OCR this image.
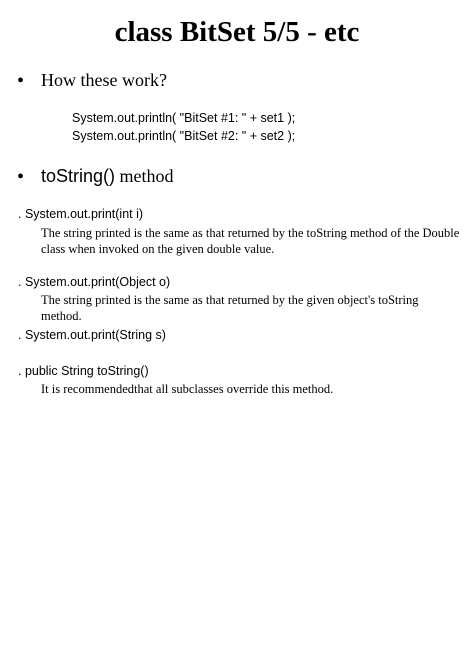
class BitSet 5/5 - etc
• How these work?
System.out.println( "BitSet #1: " + set1 );
System.out.println( "BitSet #2: " + set2 );
• toString() method
. System.out.print(int i)
The string printed is the same as that returned by the toString method of the Double class when invoked on the given double value.
. System.out.print(Object o)
The string printed is the same as that returned by the given object's toString method.
. System.out.print(String s)
. public String toString()
It is recommendedthat all subclasses override this method.
